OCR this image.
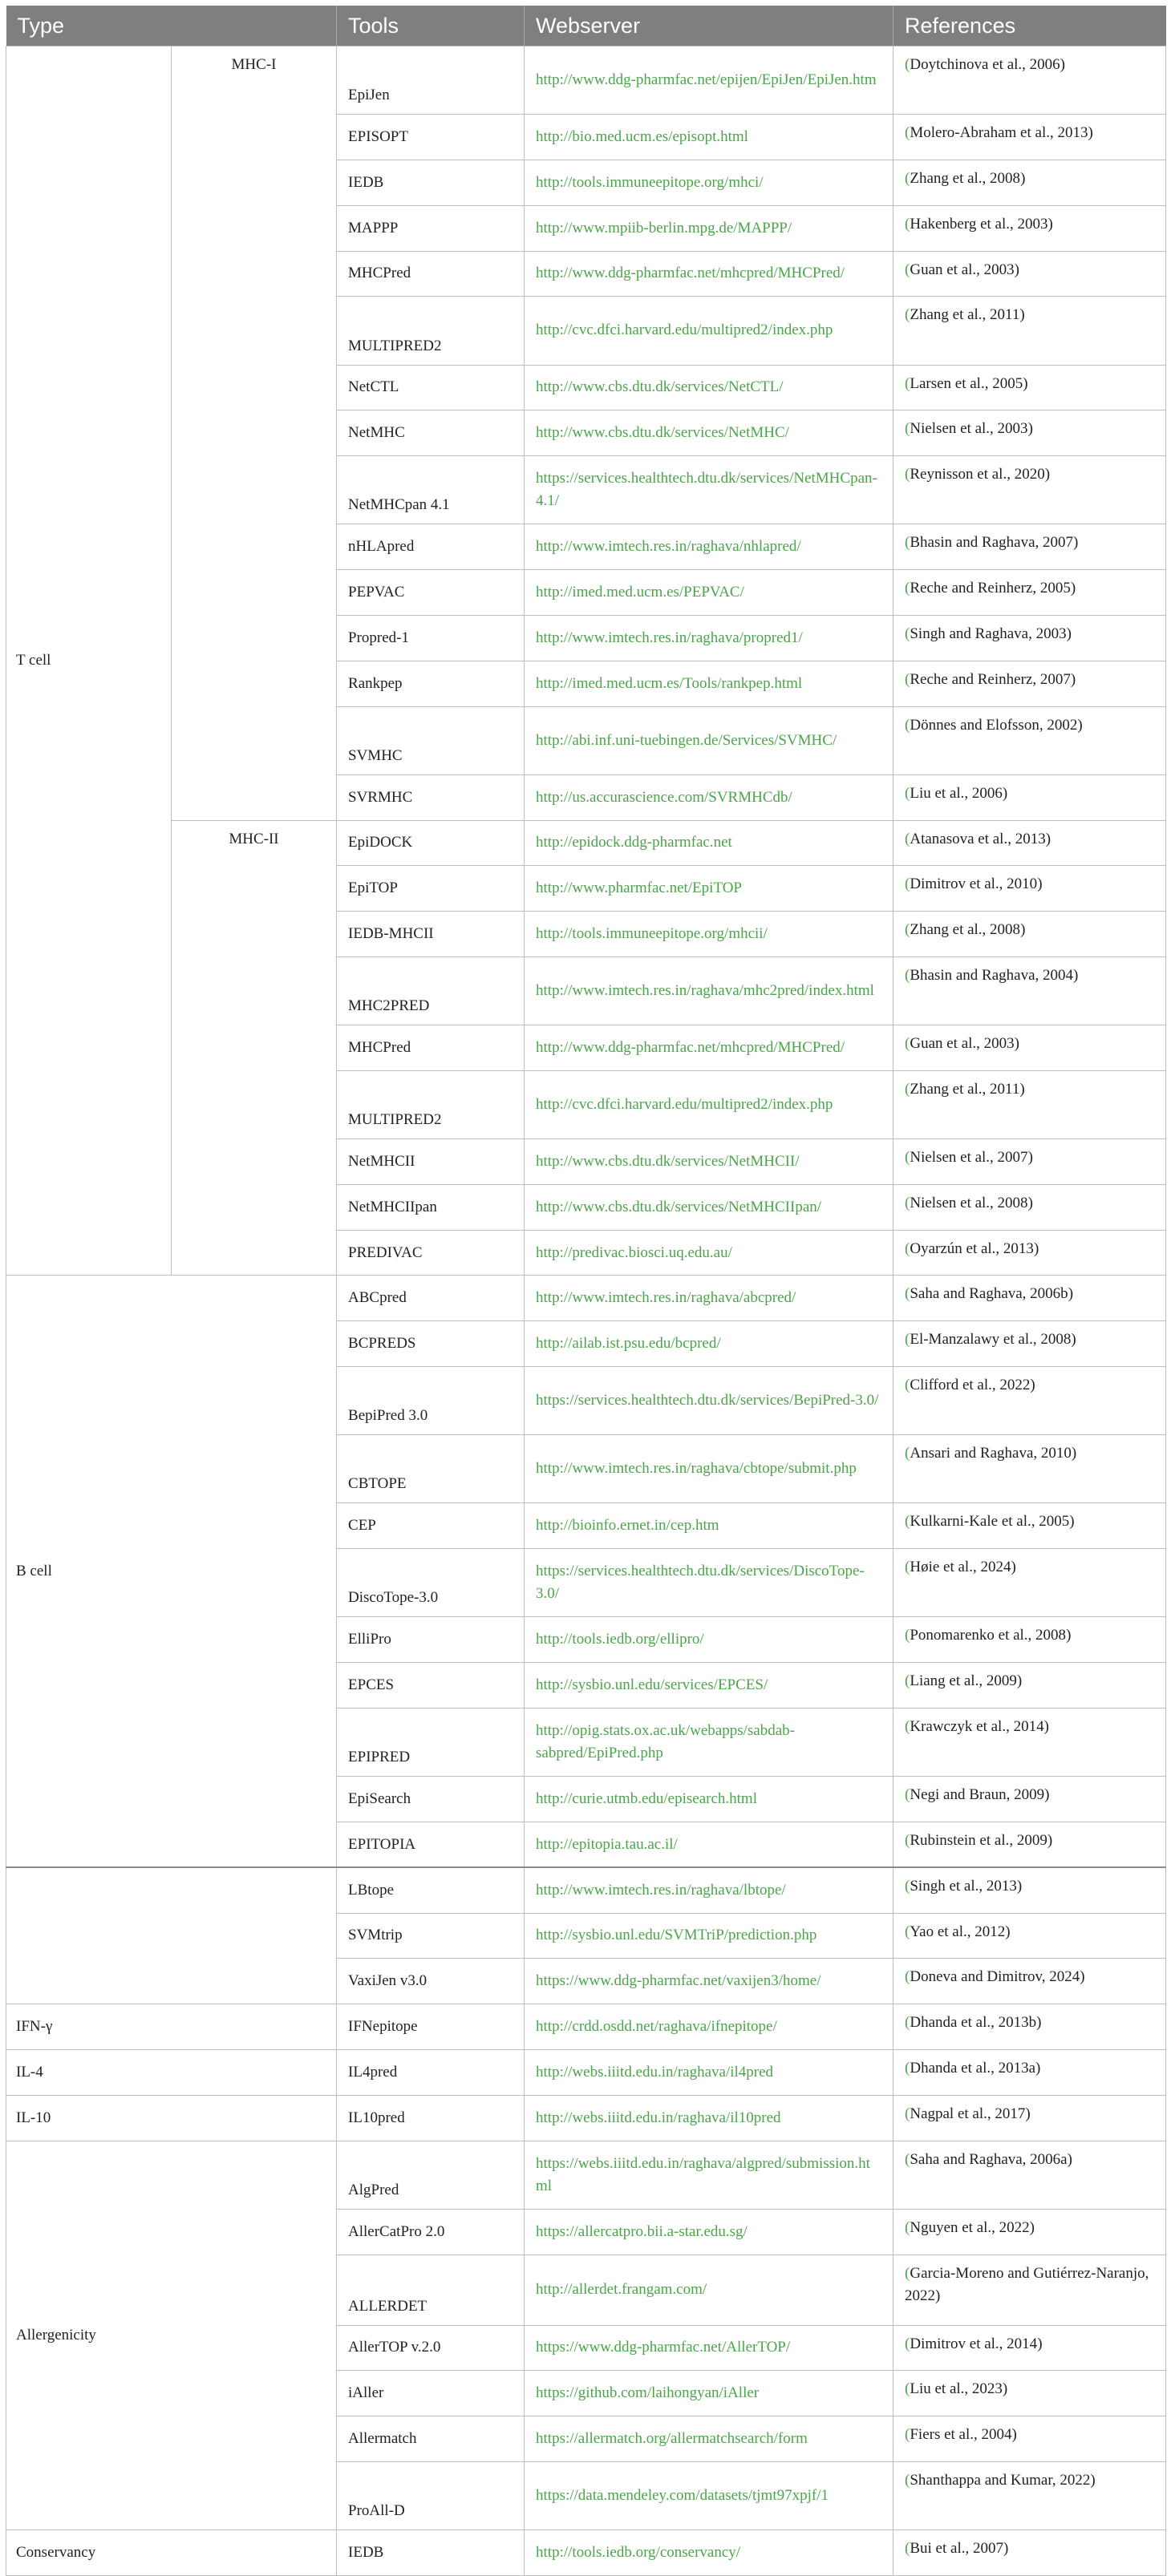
Type		Tools	Webserver	References
T cell	MHC-I	EpiJen	http://www.ddg-pharmfac.net/epijen/EpiJen/EpiJen.htm	(Doytchinova et al., 2006)
		EPISOPT	http://bio.med.ucm.es/episopt.html	(Molero-Abraham et al., 2013)
		IEDB	http://tools.immuneepitope.org/mhci/	(Zhang et al., 2008)
		MAPPP	http://www.mpiib-berlin.mpg.de/MAPPP/	(Hakenberg et al., 2003)
		MHCPred	http://www.ddg-pharmfac.net/mhcpred/MHCPred/	(Guan et al., 2003)
		MULTIPRED2	http://cvc.dfci.harvard.edu/multipred2/index.php	(Zhang et al., 2011)
		NetCTL	http://www.cbs.dtu.dk/services/NetCTL/	(Larsen et al., 2005)
		NetMHC	http://www.cbs.dtu.dk/services/NetMHC/	(Nielsen et al., 2003)
		NetMHCpan 4.1	https://services.healthtech.dtu.dk/services/NetMHCpan-4.1/	(Reynisson et al., 2020)
		nHLApred	http://www.imtech.res.in/raghava/nhlapred/	(Bhasin and Raghava, 2007)
		PEPVAC	http://imed.med.ucm.es/PEPVAC/	(Reche and Reinherz, 2005)
		Propred-1	http://www.imtech.res.in/raghava/propred1/	(Singh and Raghava, 2003)
		Rankpep	http://imed.med.ucm.es/Tools/rankpep.html	(Reche and Reinherz, 2007)
		SVMHC	http://abi.inf.uni-tuebingen.de/Services/SVMHC/	(Dönnes and Elofsson, 2002)
		SVRMHC	http://us.accurascience.com/SVRMHCdb/	(Liu et al., 2006)
	MHC-II	EpiDOCK	http://epidock.ddg-pharmfac.net	(Atanasova et al., 2013)
		EpiTOP	http://www.pharmfac.net/EpiTOP	(Dimitrov et al., 2010)
		IEDB-MHCII	http://tools.immuneepitope.org/mhcii/	(Zhang et al., 2008)
		MHC2PRED	http://www.imtech.res.in/raghava/mhc2pred/index.html	(Bhasin and Raghava, 2004)
		MHCPred	http://www.ddg-pharmfac.net/mhcpred/MHCPred/	(Guan et al., 2003)
		MULTIPRED2	http://cvc.dfci.harvard.edu/multipred2/index.php	(Zhang et al., 2011)
		NetMHCII	http://www.cbs.dtu.dk/services/NetMHCII/	(Nielsen et al., 2007)
		NetMHCIIpan	http://www.cbs.dtu.dk/services/NetMHCIIpan/	(Nielsen et al., 2008)
		PREDIVAC	http://predivac.biosci.uq.edu.au/	(Oyarzún et al., 2013)
B cell		ABCpred	http://www.imtech.res.in/raghava/abcpred/	(Saha and Raghava, 2006b)
		BCPREDS	http://ailab.ist.psu.edu/bcpred/	(El-Manzalawy et al., 2008)
		BepiPred 3.0	https://services.healthtech.dtu.dk/services/BepiPred-3.0/	(Clifford et al., 2022)
		CBTOPE	http://www.imtech.res.in/raghava/cbtope/submit.php	(Ansari and Raghava, 2010)
		CEP	http://bioinfo.ernet.in/cep.htm	(Kulkarni-Kale et al., 2005)
		DiscoTope-3.0	https://services.healthtech.dtu.dk/services/DiscoTope-3.0/	(Høie et al., 2024)
		ElliPro	http://tools.iedb.org/ellipro/	(Ponomarenko et al., 2008)
		EPCES	http://sysbio.unl.edu/services/EPCES/	(Liang et al., 2009)
		EPIPRED	http://opig.stats.ox.ac.uk/webapps/sabdab-sabpred/EpiPred.php	(Krawczyk et al., 2014)
		EpiSearch	http://curie.utmb.edu/episearch.html	(Negi and Braun, 2009)
		EPITOPIA	http://epitopia.tau.ac.il/	(Rubinstein et al., 2009)
		LBtope	http://www.imtech.res.in/raghava/lbtope/	(Singh et al., 2013)
		SVMtrip	http://sysbio.unl.edu/SVMTriP/prediction.php	(Yao et al., 2012)
		VaxiJen v3.0	https://www.ddg-pharmfac.net/vaxijen3/home/	(Doneva and Dimitrov, 2024)
IFN-γ		IFNepitope	http://crdd.osdd.net/raghava/ifnepitope/	(Dhanda et al., 2013b)
IL-4		IL4pred	http://webs.iiitd.edu.in/raghava/il4pred	(Dhanda et al., 2013a)
IL-10		IL10pred	http://webs.iiitd.edu.in/raghava/il10pred	(Nagpal et al., 2017)
Allergenicity		AlgPred	https://webs.iiitd.edu.in/raghava/algpred/submission.html	(Saha and Raghava, 2006a)
		AllerCatPro 2.0	https://allercatpro.bii.a-star.edu.sg/	(Nguyen et al., 2022)
		ALLERDET	http://allerdet.frangam.com/	(Garcia-Moreno and Gutiérrez-Naranjo, 2022)
		AllerTOP v.2.0	https://www.ddg-pharmfac.net/AllerTOP/	(Dimitrov et al., 2014)
		iAller	https://github.com/laihongyan/iAller	(Liu et al., 2023)
		Allermatch	https://allermatch.org/allermatchsearch/form	(Fiers et al., 2004)
		ProAll-D	https://data.mendeley.com/datasets/tjmt97xpjf/1	(Shanthappa and Kumar, 2022)
Conservancy		IEDB	http://tools.iedb.org/conservancy/	(Bui et al., 2007)
